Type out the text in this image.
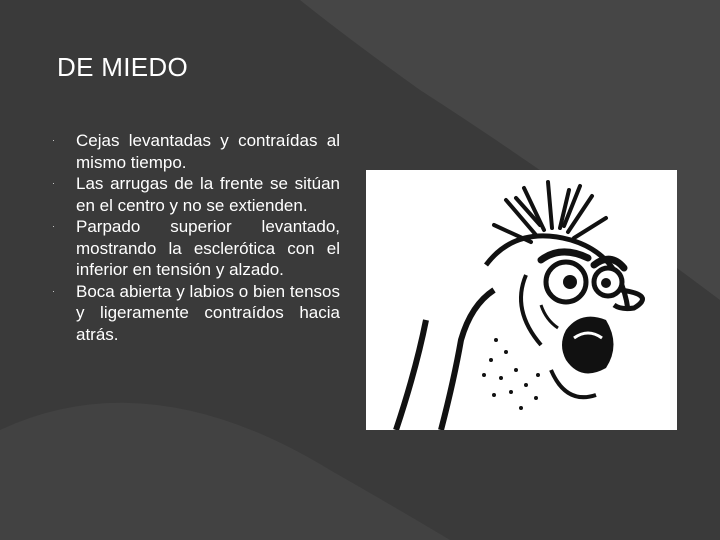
DE MIEDO
· Cejas levantadas y contraídas al mismo tiempo.
· Las arrugas de la frente se sitúan en el centro y no se extienden.
· Parpado superior levantado, mostrando la esclerótica con el inferior en tensión y alzado.
· Boca abierta y labios o bien tensos y ligeramente contraídos hacia atrás.
